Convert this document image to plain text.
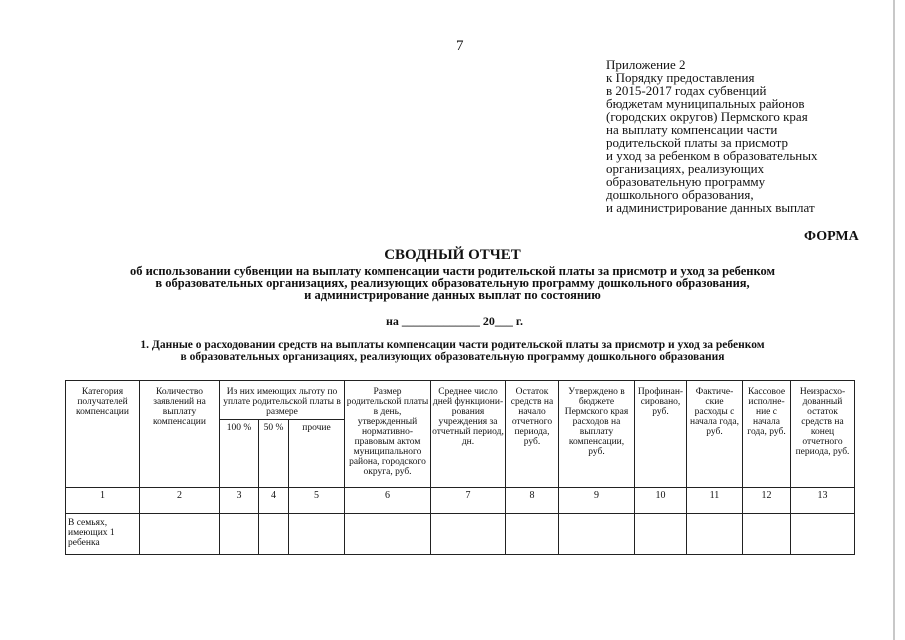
7
Приложение 2
к Порядку предоставления
в 2015-2017 годах субвенций
бюджетам муниципальных районов
(городских округов) Пермского края
на выплату компенсации части
родительской платы за присмотр
и уход за ребенком в образовательных
организациях, реализующих
образовательную программу
дошкольного образования,
и администрирование данных выплат
ФОРМА
СВОДНЫЙ ОТЧЕТ
об использовании субвенции на выплату компенсации части родительской платы за присмотр и уход за ребенком
в образовательных организациях, реализующих образовательную программу дошкольного образования,
и администрирование данных выплат по состоянию
на _____________ 20___ г.
1. Данные о расходовании средств на выплаты компенсации части родительской платы за присмотр и уход за ребенком
в образовательных организациях, реализующих образовательную программу дошкольного образования
Категория получателей компенсации	Количество заявлений на выплату компенсации	Из них имеющих льготу по уплате родительской платы в размере			Размер родительской платы в день, утвержденный нормативно-правовым актом муниципального района, городского округа, руб.	Среднее число дней функциони-рования учреждения за отчетный период, дн.	Остаток средств на начало отчетного периода, руб.	Утверждено в бюджете Пермского края расходов на выплату компенсации, руб.	Профинан-сировано, руб.	Фактиче-ские расходы с начала года, руб.	Кассовое исполне-ние с начала года, руб.	Неизрасхо-дованный остаток средств на конец отчетного периода, руб.
		100 %	50 %	прочие								
1	2	3	4	5	6	7	8	9	10	11	12	13
В семьях, имеющих 1 ребенка												
